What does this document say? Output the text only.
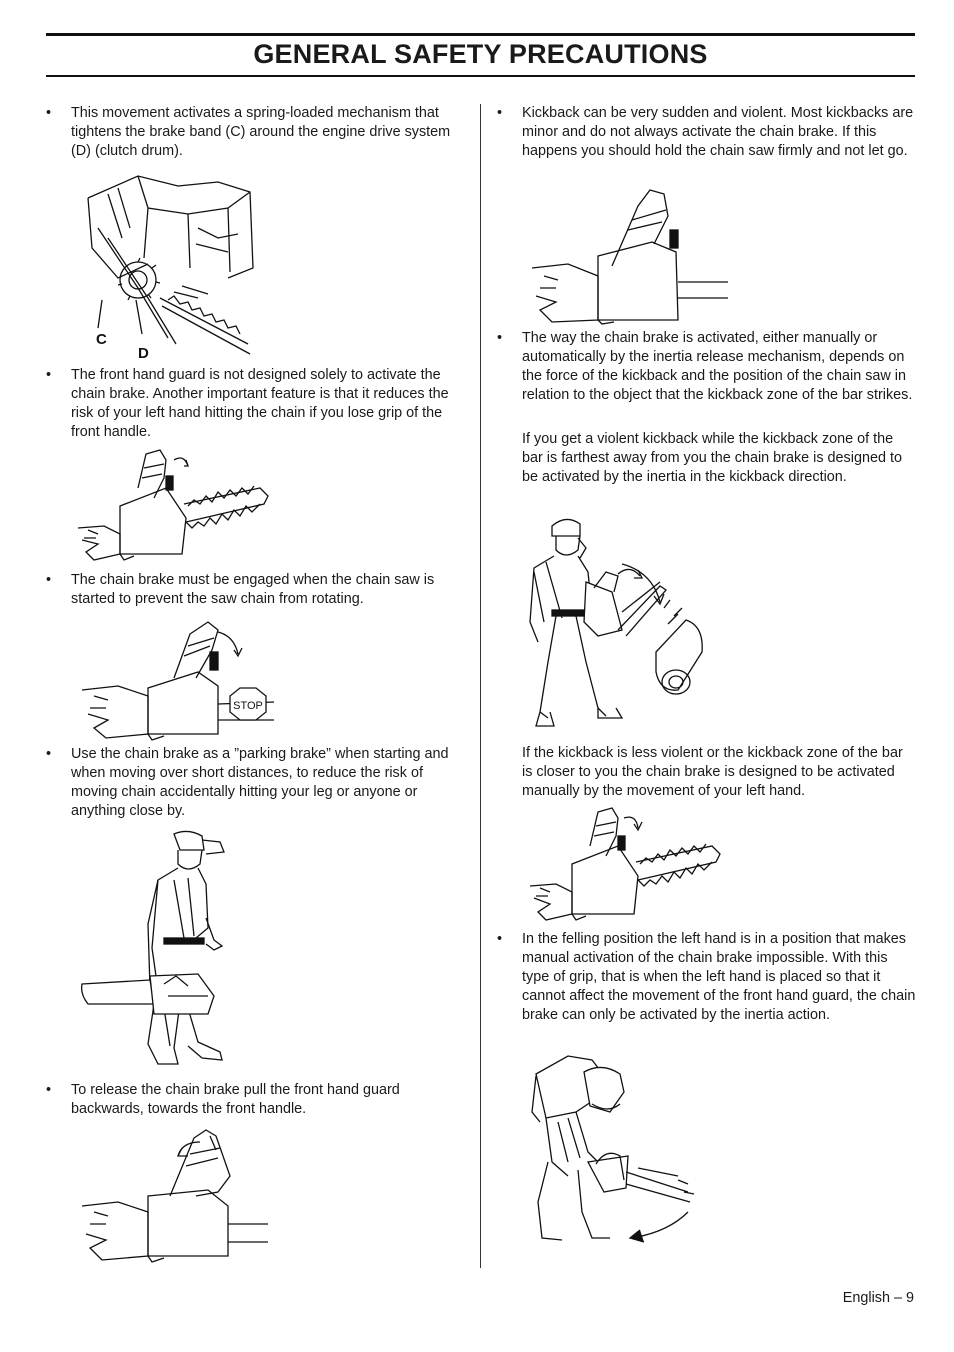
GENERAL SAFETY PRECAUTIONS
• This movement activates a spring-loaded mechanism that tightens the brake band (C) around the engine drive system (D) (clutch drum).
C
D
• The front hand guard is not designed solely to activate the chain brake. Another important feature is that it reduces the risk of your left hand hitting the chain if you lose grip of the front handle.
• The chain brake must be engaged when the chain saw is started to prevent the saw chain from rotating.
STOP
• Use the chain brake as a ”parking brake” when starting and when moving over short distances, to reduce the risk of moving chain accidentally hitting your leg or anyone or anything close by.
• To release the chain brake pull the front hand guard backwards, towards the front handle.
• Kickback can be very sudden and violent. Most kickbacks are minor and do not always activate the chain brake. If this happens you should hold the chain saw firmly and not let go.
• The way the chain brake is activated, either manually or automatically by the inertia release mechanism, depends on the force of the kickback and the position of the chain saw in relation to the object that the kickback zone of the bar strikes.
If you get a violent kickback while the kickback zone of the bar is farthest away from you the chain brake is designed to be activated by the inertia in the kickback direction.
If the kickback is less violent or the kickback zone of the bar is closer to you the chain brake is designed to be activated manually by the movement of your left hand.
• In the felling position the left hand is in a position that makes manual activation of the chain brake impossible. With this type of grip, that is when the left hand is placed so that it cannot affect the movement of the front hand guard, the chain brake can only be activated by the inertia action.
English – 9
